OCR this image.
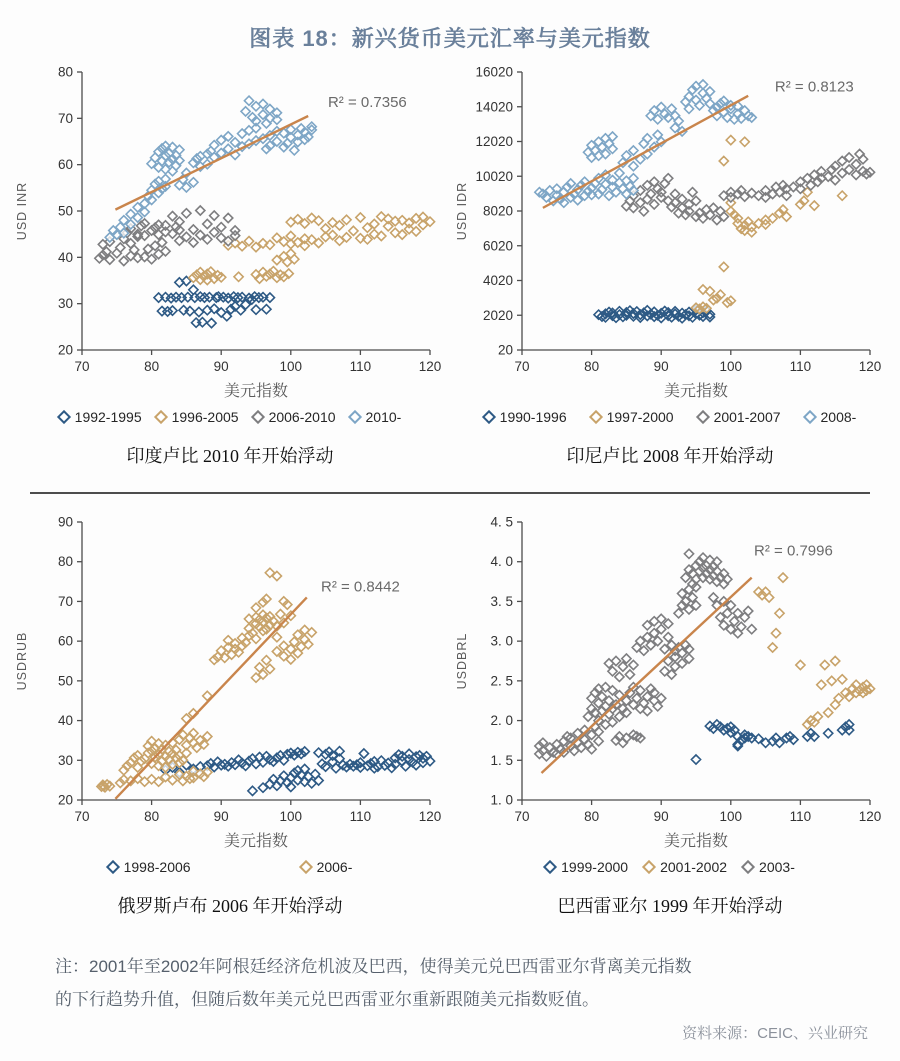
图表 18：新兴货币美元汇率与美元指数
20
30
40
50
60
70
80
70	80	90	100	110	120
USD INR
美元指数
R² = 0.7356
1992-1995 1996-2005 2006-2010 2010-
印度卢比 2010 年开始浮动
20
2020
4020
6020
8020
10020
12020
14020
16020
70	80	90	100	110	120
USD IDR
美元指数
R² = 0.8123
1990-1996	1997-2000	2001-2007	2008-
印尼卢比 2008 年开始浮动
20
30
40
50
60
70
80
90
70	80	90	100	110	120
USDRUB
美元指数
R² = 0.8442
1998-2006	2006-
俄罗斯卢布 2006 年开始浮动
1. 0
1. 5
2. 0
2. 5
3. 0
3. 5
4. 0
4. 5
70	80	90	100	110	120
USDBRL
美元指数
R² = 0.7996
1999-2000 2001-2002 2003-
巴西雷亚尔 1999 年开始浮动
注：2001年至2002年阿根廷经济危机波及巴西，使得美元兑巴西雷亚尔背离美元指数
的下行趋势升值，但随后数年美元兑巴西雷亚尔重新跟随美元指数贬值。
资料来源：CEIC、兴业研究
